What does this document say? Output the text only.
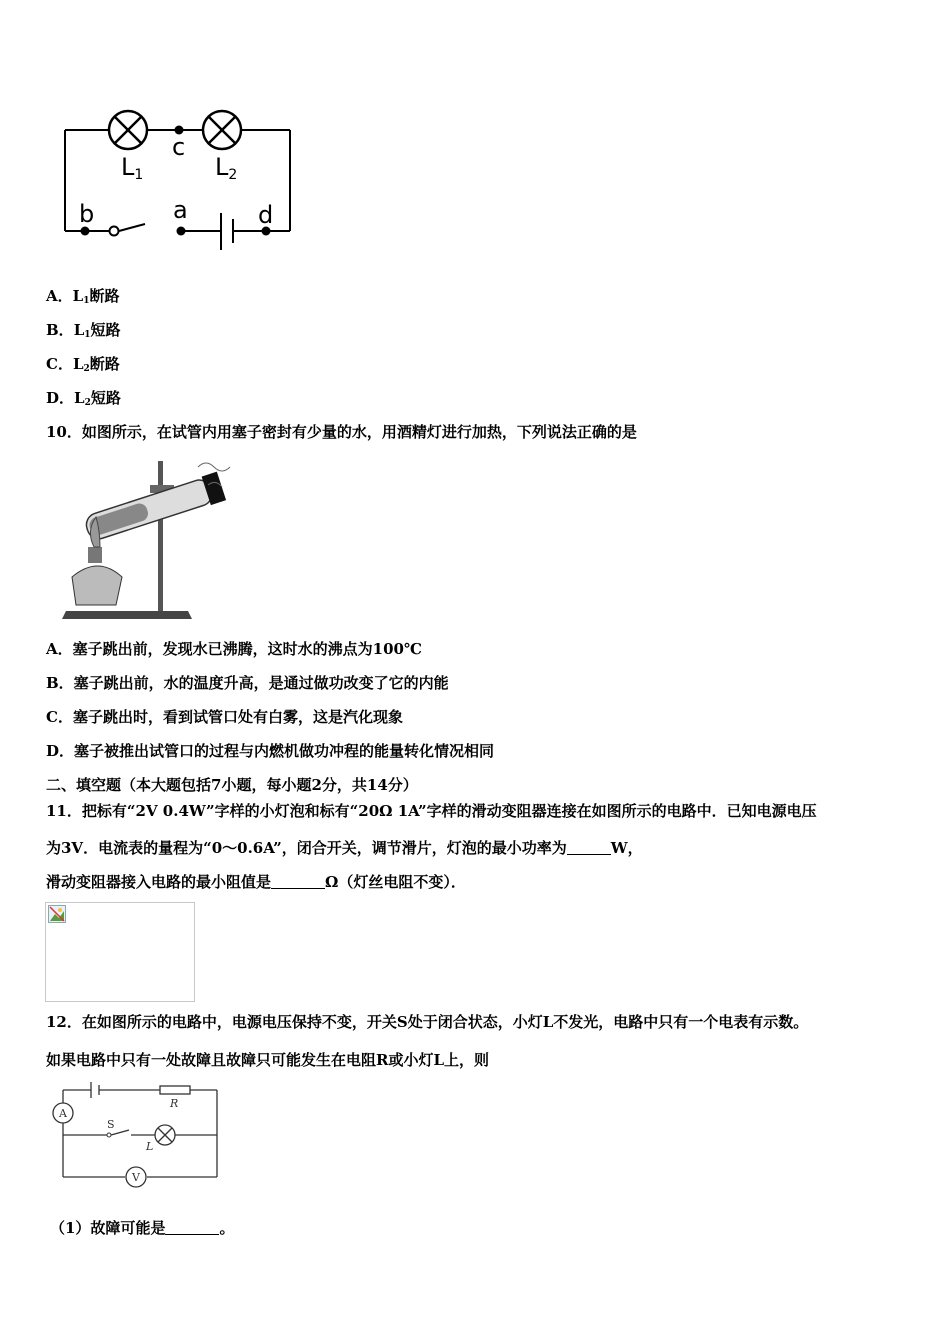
L1
c
L2
b	a	d
A．$L_1$断路
B．$L_1$短路
C．$L_2$断路
D．$L_2$短路
10．如图所示，在试管内用塞子密封有少量的水，用酒精灯进行加热，下列说法正确的是
A．塞子跳出前，发现水已沸腾，这时水的沸点为100℃
B．塞子跳出前，水的温度升高，是通过做功改变了它的内能
C．塞子跳出时，看到试管口处有白雾，这是汽化现象
D．塞子被推出试管口的过程与内燃机做功冲程的能量转化情况相同
二、填空题（本大题包括7小题，每小题2分，共14分）
11．把标有“2V 0.4W”字样的小灯泡和标有“20Ω 1A”字样的滑动变阻器连接在如图所示的电路中．已知电源电压
为3V．电流表的量程为“0～0.6A”，闭合开关，调节滑片，灯泡的最小功率为	W，
滑动变阻器接入电路的最小阻值是	Ω（灯丝电阻不变）．
12．在如图所示的电路中，电源电压保持不变，开关S处于闭合状态，小灯L不发光，电路中只有一个电表有示数。
如果电路中只有一处故障且故障只可能发生在电阻R或小灯L上，则
A
R
S
L
V
（1）故障可能是	。
